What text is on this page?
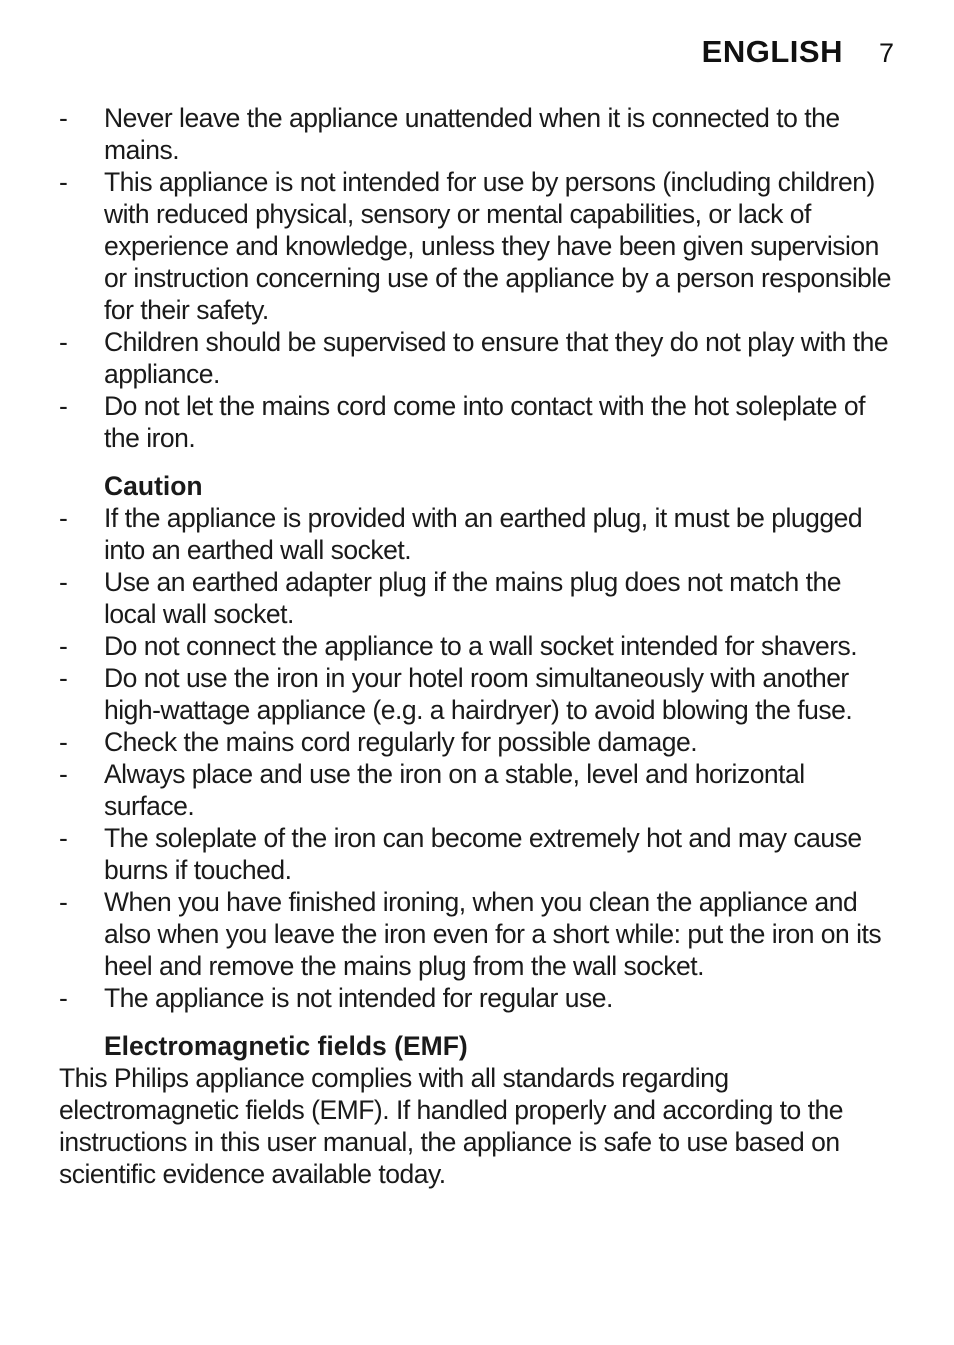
ENGLISH 7
- Never leave the appliance unattended when it is connected to the mains.
- This appliance is not intended for use by persons (including children) with reduced physical, sensory or mental capabilities, or lack of experience and knowledge, unless they have been given supervision or instruction concerning use of the appliance by a person responsible for their safety.
- Children should be supervised to ensure that they do not play with the appliance.
- Do not let the mains cord come into contact with the hot soleplate of the iron.
Caution
- If the appliance is provided with an earthed plug, it must be plugged into an earthed wall socket.
- Use an earthed adapter plug if the mains plug does not match the local wall socket.
- Do not connect the appliance to a wall socket intended for shavers.
- Do not use the iron in your hotel room simultaneously with another high-wattage appliance (e.g. a hairdryer) to avoid blowing the fuse.
- Check the mains cord regularly for possible damage.
- Always place and use the iron on a stable, level and horizontal surface.
- The soleplate of the iron can become extremely hot and may cause burns if touched.
- When you have finished ironing, when you clean the appliance and also when you leave the iron even for a short while: put the iron on its heel and remove the mains plug from the wall socket.
- The appliance is not intended for regular use.
Electromagnetic fields (EMF)

This Philips appliance complies with all standards regarding electromagnetic fields (EMF). If handled properly and according to the instructions in this user manual, the appliance is safe to use based on scientific evidence available today.
